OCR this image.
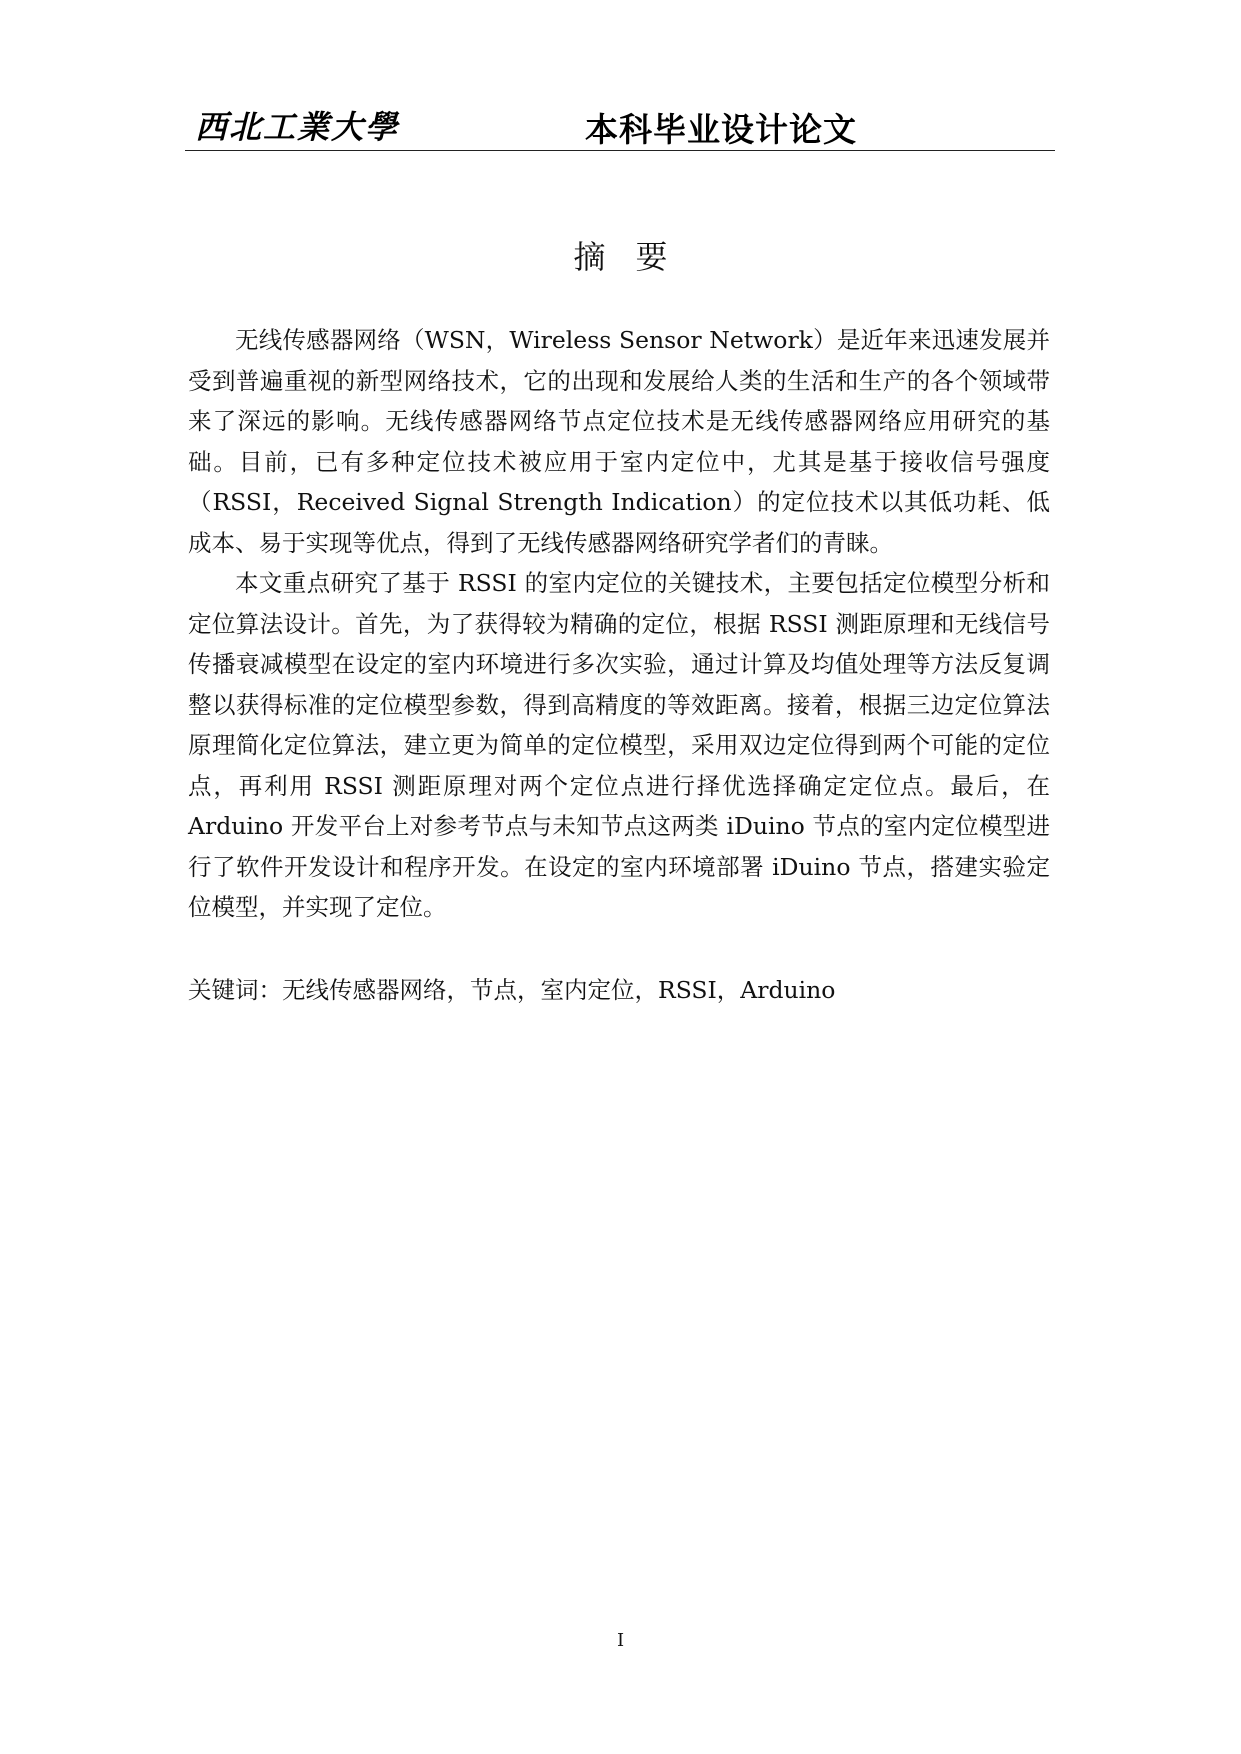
西北工業大學	本科毕业设计论文
摘要

无线传感器网络（WSN，Wireless Sensor Network）是近年来迅速发展并受到普遍重视的新型网络技术，它的出现和发展给人类的生活和生产的各个领域带来了深远的影响。无线传感器网络节点定位技术是无线传感器网络应用研究的基础。目前，已有多种定位技术被应用于室内定位中，尤其是基于接收信号强度（RSSI，Received Signal Strength Indication）的定位技术以其低功耗、低成本、易于实现等优点，得到了无线传感器网络研究学者们的青睐。

本文重点研究了基于 RSSI 的室内定位的关键技术，主要包括定位模型分析和定位算法设计。首先，为了获得较为精确的定位，根据 RSSI 测距原理和无线信号传播衰减模型在设定的室内环境进行多次实验，通过计算及均值处理等方法反复调整以获得标准的定位模型参数，得到高精度的等效距离。接着，根据三边定位算法原理简化定位算法，建立更为简单的定位模型，采用双边定位得到两个可能的定位点，再利用 RSSI 测距原理对两个定位点进行择优选择确定定位点。最后，在 Arduino 开发平台上对参考节点与未知节点这两类 iDuino 节点的室内定位模型进行了软件开发设计和程序开发。在设定的室内环境部署 iDuino 节点，搭建实验定位模型，并实现了定位。

关键词：无线传感器网络，节点，室内定位，RSSI，Arduino
I
